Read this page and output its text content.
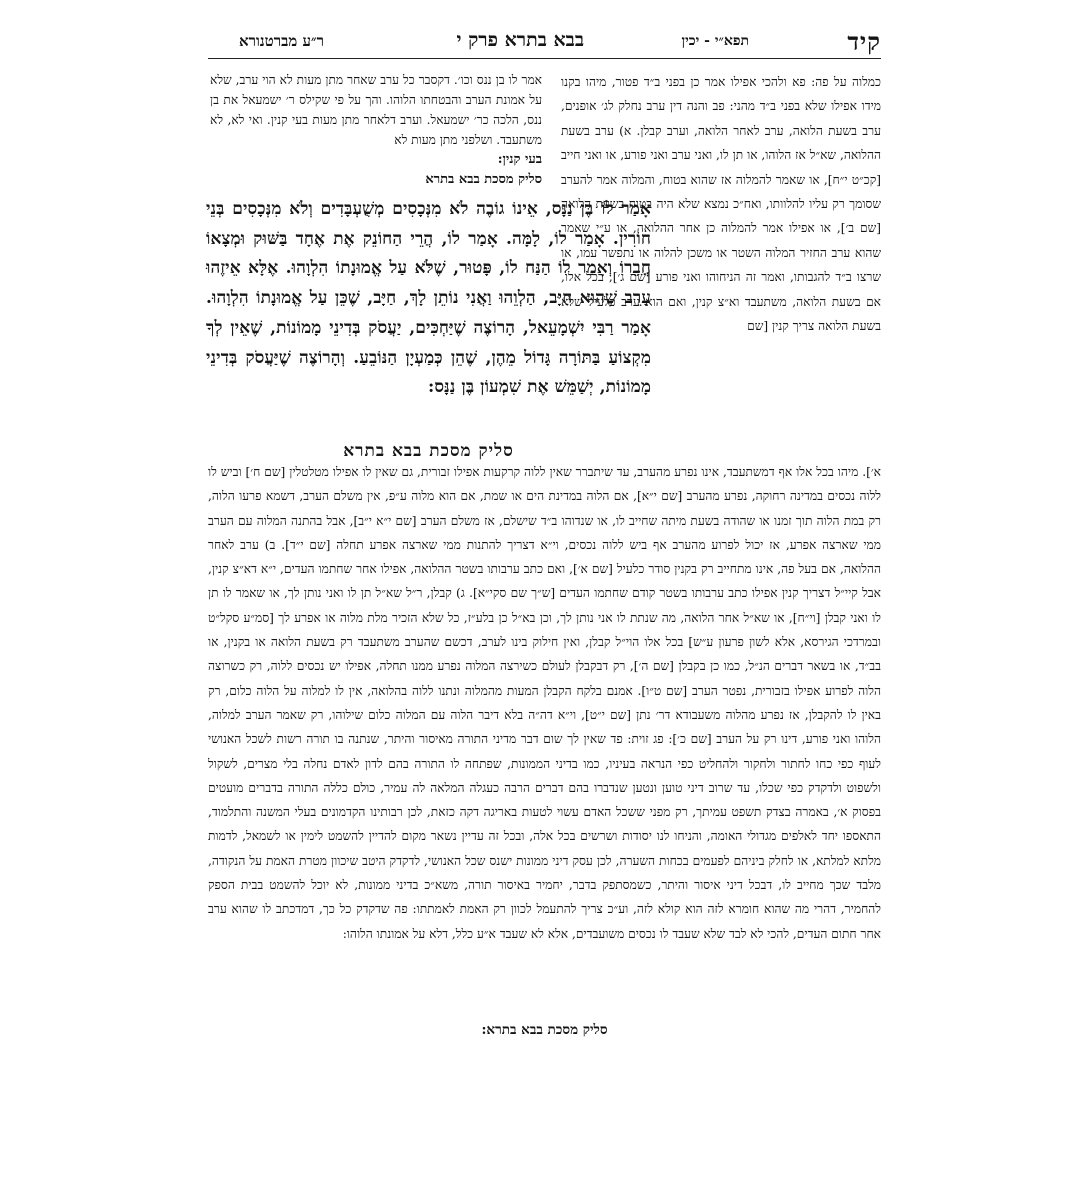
קיד
תפא״י - יכין
בבא בתרא פרק י
ר״ע מברטנורא

כמלוה על פה: פא ולהכי אפילו אמר כן בפני ב״ד פטור, מיהו בקנו מידו אפילו שלא בפני ב״ד מהני: פב והנה דין ערב נחלק לג׳ אופנים, ערב בשעת הלואה, ערב לאחר הלואה, וערב קבלן. א) ערב בשעת ההלואה, שא״ל אז הלוהו, או תן לו, ואני ערב ואני פורע, או ואני חייב [קכ״ט י״ח], או שאמר להמלוה אז שהוא בטוח, והמלוה אמר להערב שסומך רק עליו להלוותו, ואח״כ נמצא שלא היה בטוח בשעת הלואה [שם ב׳], או אפילו אמר להמלוה כן אחר ההלואה, או ע״י שאמר שהוא ערב החזיר המלוה השטר או משכן להלוה או נתפשר עמו, או שרצו ב״ד להגבותו, ואמר זה הניחוהו ואני פורע [שם ג׳], בכל אלו, אם בשעת הלואה, משתעבד וא״צ קנין, ואם הוא ערב כלעיל שלא בשעת הלואה צריך קנין [שם

אמר לו בן ננס וכו׳. דקסבר כל ערב שאחר מתן מעות לא הוי ערב, שלא על אמונת הערב והבטחתו הלוהו. והך על פי שקילס ר׳ ישמעאל את בן ננס, הלכה כר׳ ישמעאל. וערב דלאחר מתן מעות בעי קנין. ואי לא, לא משתעבד. ושלפני מתן מעות לא

בעי קנין:
סליק מסכת בבא בתרא

אָמַר לוֹ בֶּן נַנָּס, אֵינוֹ גוֹבֶה לֹא מִנְּכָסִים מְשֻׁעְבָּדִים וְלֹא מִנְּכָסִים בְּנֵי חוֹרִין. אָמַר לוֹ, לָמָּה. אָמַר לוֹ, הֲרֵי הַחוֹנֵק אֶת אֶחָד בַּשּׁוּק וּמְצָאוֹ חֲבֵרוֹ וְאָמַר לוֹ הַנַּח לוֹ, פָּטוּר, שֶׁלֹּא עַל אֱמוּנָתוֹ הִלְוָהוּ. אֶלָּא אֵיזֶהוּ עָרֵב שֶׁהוּא חַיָּב, הַלְוֵהוּ וַאֲנִי נוֹתֵן לָךְ, חַיָּב, שֶׁכֵּן עַל אֱמוּנָתוֹ הִלְוָהוּ. אָמַר רַבִּי יִשְׁמָעֵאל, הָרוֹצֶה שֶׁיַּחְכִּים, יַעֲסֹק בְּדִינֵי מָמוֹנוֹת, שֶׁאֵין לְךָ מִקְצוֹעַ בַּתּוֹרָה גָּדוֹל מֵהֶן, שֶׁהֵן כְּמַעְיָן הַנּוֹבֵעַ. וְהָרוֹצֶה שֶׁיַּעֲסֹק בְּדִינֵי מָמוֹנוֹת, יְשַׁמֵּשׁ אֶת שִׁמְעוֹן בֶּן נַנָּס:

סליק מסכת בבא בתרא

א׳]. מיהו בכל אלו אף דמשתעבד, אינו נפרע מהערב, עד שיתברר שאין ללוה קרקעות אפילו זבורית, גם שאין לו אפילו מטלטלין [שם ח׳] וביש לו ללוה נכסים במדינה רחוקה, נפרע מהערב [שם י״א], אם הלוה במדינת הים או שמת, אם הוא מלוה ע״פ, אין משלם הערב, דשמא פרעו הלוה, רק במת הלוה תוך זמנו או שהודה בשעת מיתה שחייב לו, או שנדוהו ב״ד שישלם, אז משלם הערב [שם י״א י״ב], אבל בהתנה המלוה עם הערב ממי שארצה אפרע, אז יכול לפרוע מהערב אף ביש ללוה נכסים, וי״א דצריך להתנות ממי שארצה אפרע תחלה [שם י״ד]. ב) ערב לאחר ההלואה, אם בעל פה, אינו מתחייב רק בקנין סודר כלעיל [שם א׳], ואם כתב ערבותו בשטר ההלואה, אפילו אחר שחתמו העדים, י״א דא״צ קנין, אבל קיי״ל דצריך קנין אפילו כתב ערבותו בשטר קודם שחתמו העדים [ש״ך שם סקי״א]. ג) קבלן, ר״ל שא״ל תן לו ואני נותן לך, או שאמר לו תן לו ואני קבלן [וי״ח], או שא״ל אחר הלואה, מה שנתת לו אני נותן לך, וכן בא״ל כן בלע״ז, כל שלא הזכיר מלת מלוה או אפרע לך [סמ״ע סקל״ט ובמרדכי הגירסא, אלא לשון פרעון ע״ש] בכל אלו הוי״ל קבלן, ואין חילוק בינו לערב, דכשם שהערב משתעבד רק בשעת הלואה או בקנין, או בב״ד, או בשאר דברים הנ״ל, כמו כן בקבלן [שם ה׳], רק דבקבלן לעולם כשירצה המלוה נפרע ממנו תחלה, אפילו יש נכסים ללוה, רק כשרוצה הלוה לפרוע אפילו בזבורית, נפטר הערב [שם ט״ו]. אמנם בלקח הקבלן המעות מהמלוה ונתנו ללוה בהלואה, אין לו למלוה על הלוה כלום, רק באין לו להקבלן, אז נפרע מהלוה משעבודא דר׳ נתן [שם י״ט], וי״א דה״ה בלא דיבר הלוה עם המלוה כלום שילוהו, רק שאמר הערב למלוה, הלוהו ואני פורע, דינו רק על הערב [שם כ׳]: פג זוית: פד שאין לך שום דבר מדיני התורה מאיסור והיתר, שנתנה בו תורה רשות לשכל האנושי לעוף כפי כחו לחתור ולחקור ולהחליט כפי הנראה בעיניו, כמו בדיני הממונות, שפתחה לו התורה בהם לדון לאדם נחלה בלי מצרים, לשקול ולשפוט ולדקדק כפי שכלו, עד שרוב דיני טוען ונטען שנדברו בהם דברים הרבה כעגלה המלאה לה עמיר, כולם כללה התורה בדברים מועטים בפסוק א׳, באמרה בצדק תשפט עמיתך, רק מפני ששכל האדם עשוי לטעות באריגה דקה כזאת, לכן רבותינו הקדמונים בעלי המשנה והתלמוד, התאספו יחד לאלפים מגדולי האומה, והניחו לנו יסודות ושרשים בכל אלה, ובכל זה עדיין נשאר מקום להדיין להשמט לימין או לשמאל, לדמות מלתא למלתא, או לחלק ביניהם לפעמים בכחות השערה, לכן עסק דיני ממונות ישנס שכל האנושי, לדקדק היטב שיכוון מטרת האמת על הנקודה, מלבד שכך מחייב לו, דבכל דיני איסור והיתר, כשמסתפק בדבר, יחמיר באיסור תורה, משא״כ בדיני ממונות, לא יוכל להשמט בבית הספק להחמיר, דהרי מה שהוא חומרא לזה הוא קולא לזה, וע״כ צריך להתעמל לכוון רק האמת לאמתתו: פה שדקדק כל כך, דמדכתב לו שהוא ערב אחר חתום העדים, להכי לא לבד שלא שעבד לו נכסים משועבדים, אלא לא שעבד א״ע כלל, דלא על אמונתו הלוהו:

סליק מסכת בבא בתרא:
